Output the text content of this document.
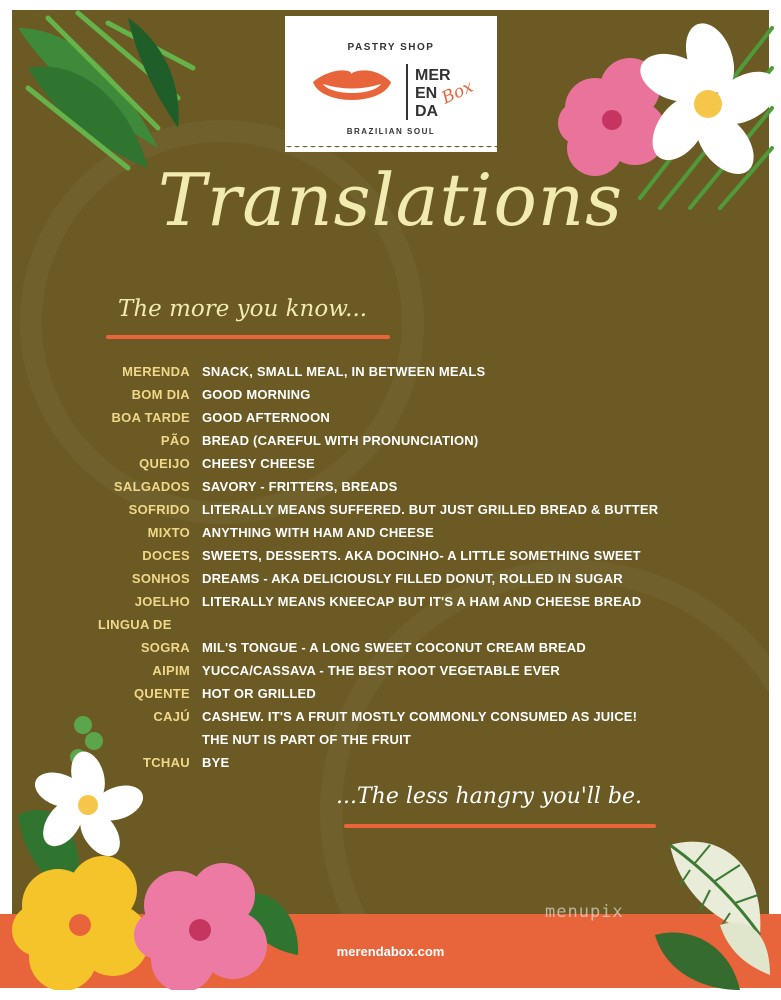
PASTRY SHOP
MER
EN
DA
Box
BRAZILIAN SOUL
Translations
The more you know...
MERENDA SNACK, SMALL MEAL, IN BETWEEN MEALS
BOM DIA GOOD MORNING
BOA TARDE GOOD AFTERNOON
PÃO BREAD (CAREFUL WITH PRONUNCIATION)
QUEIJO CHEESY CHEESE
SALGADOS SAVORY - FRITTERS, BREADS
SOFRIDO LITERALLY MEANS SUFFERED. BUT JUST GRILLED BREAD & BUTTER
MIXTO ANYTHING WITH HAM AND CHEESE
DOCES SWEETS, DESSERTS. AKA DOCINHO- A LITTLE SOMETHING SWEET
SONHOS DREAMS - AKA DELICIOUSLY FILLED DONUT, ROLLED IN SUGAR
JOELHO LITERALLY MEANS KNEECAP BUT IT'S A HAM AND CHEESE BREAD
LINGUA DE
SOGRA MIL'S TONGUE - A LONG SWEET COCONUT CREAM BREAD
AIPIM YUCCA/CASSAVA - THE BEST ROOT VEGETABLE EVER
QUENTE HOT OR GRILLED
CAJÚ CASHEW. IT'S A FRUIT MOSTLY COMMONLY CONSUMED AS JUICE!
THE NUT IS PART OF THE FRUIT
TCHAU BYE
...The less hangry you'll be.
merendabox.com
menupix
